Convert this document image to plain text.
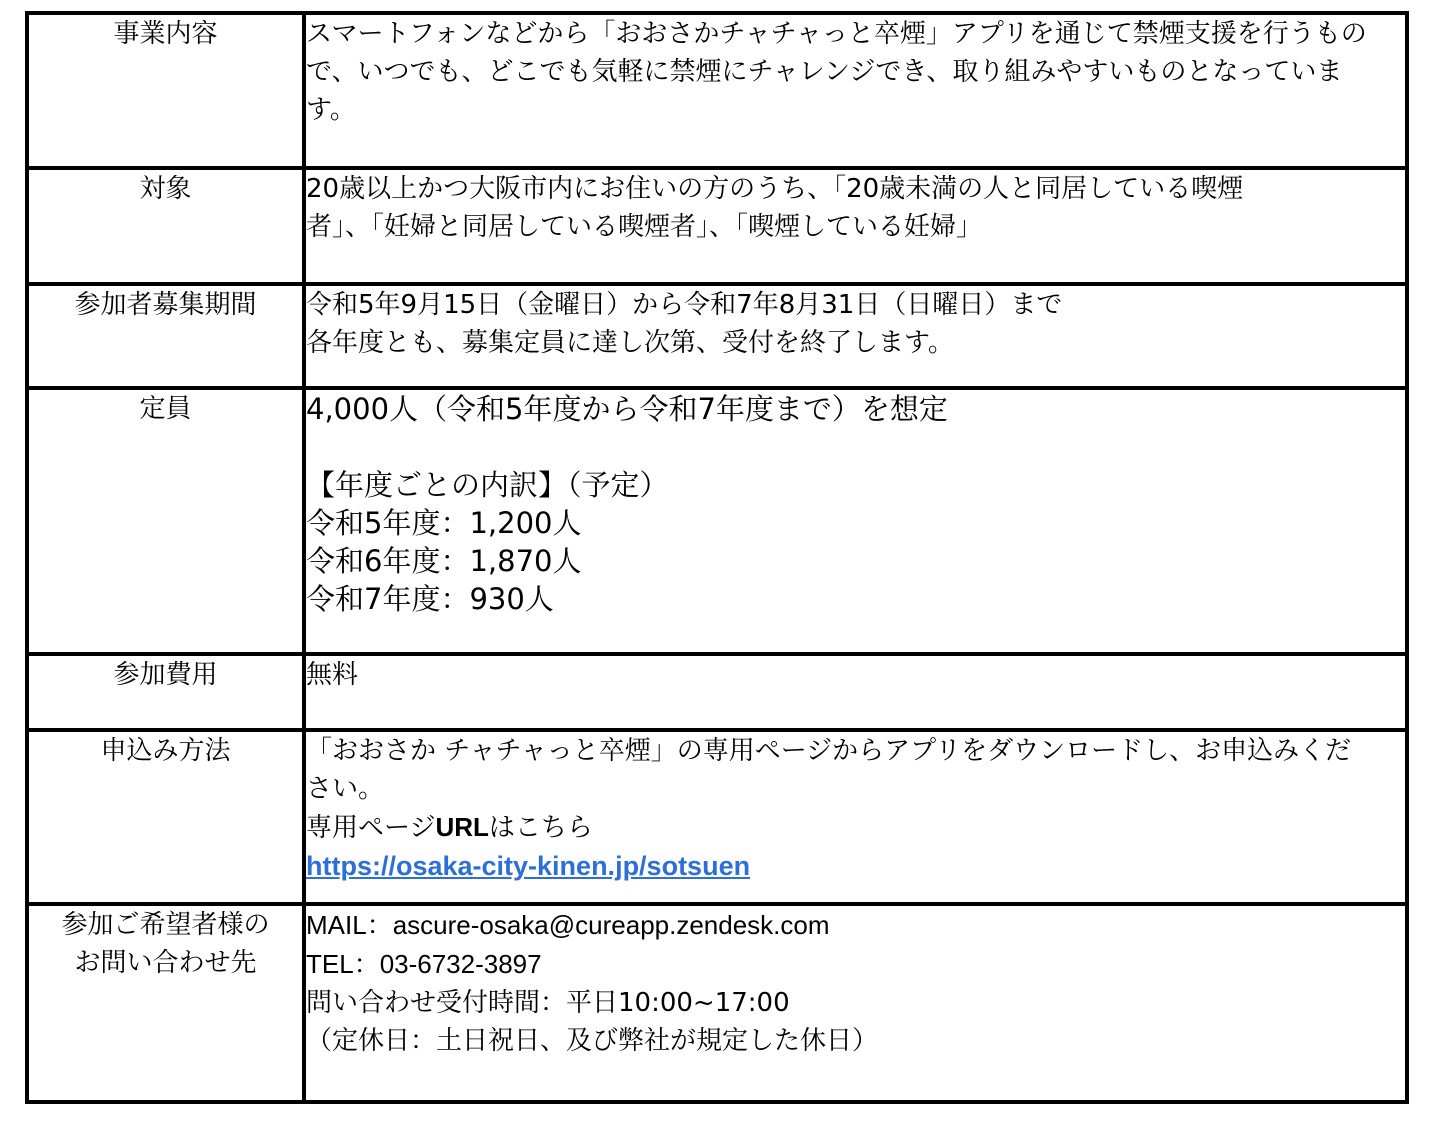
事業内容	スマートフォンなどから「おおさかチャチャっと卒煙」アプリを通じて禁煙支援を行うもの
で、いつでも、どこでも気軽に禁煙にチャレンジでき、取り組みやすいものとなっていま
す。

対象	20歳以上かつ大阪市内にお住いの方のうち、「20歳未満の人と同居している喫煙
者」、「妊婦と同居している喫煙者」、「喫煙している妊婦」

参加者募集期間	令和5年9月15日（金曜日）から令和7年8月31日（日曜日）まで
各年度とも、募集定員に達し次第、受付を終了します。

定員	4,000人（令和5年度から令和7年度まで）を想定
【年度ごとの内訳】（予定）
令和5年度：1,200人
令和6年度：1,870人
令和7年度：930人

参加費用	無料

申込み方法	「おおさか チャチャっと卒煙」の専用ページからアプリをダウンロードし、お申込みくだ
さい。
専用ページURLはこちら
https://osaka-city-kinen.jp/sotsuen

参加ご希望者様の
お問い合わせ先	MAIL：ascure-osaka@cureapp.zendesk.com
TEL：03-6732-3897
問い合わせ受付時間：平日10:00~17:00
（定休日：土日祝日、及び弊社が規定した休日）
